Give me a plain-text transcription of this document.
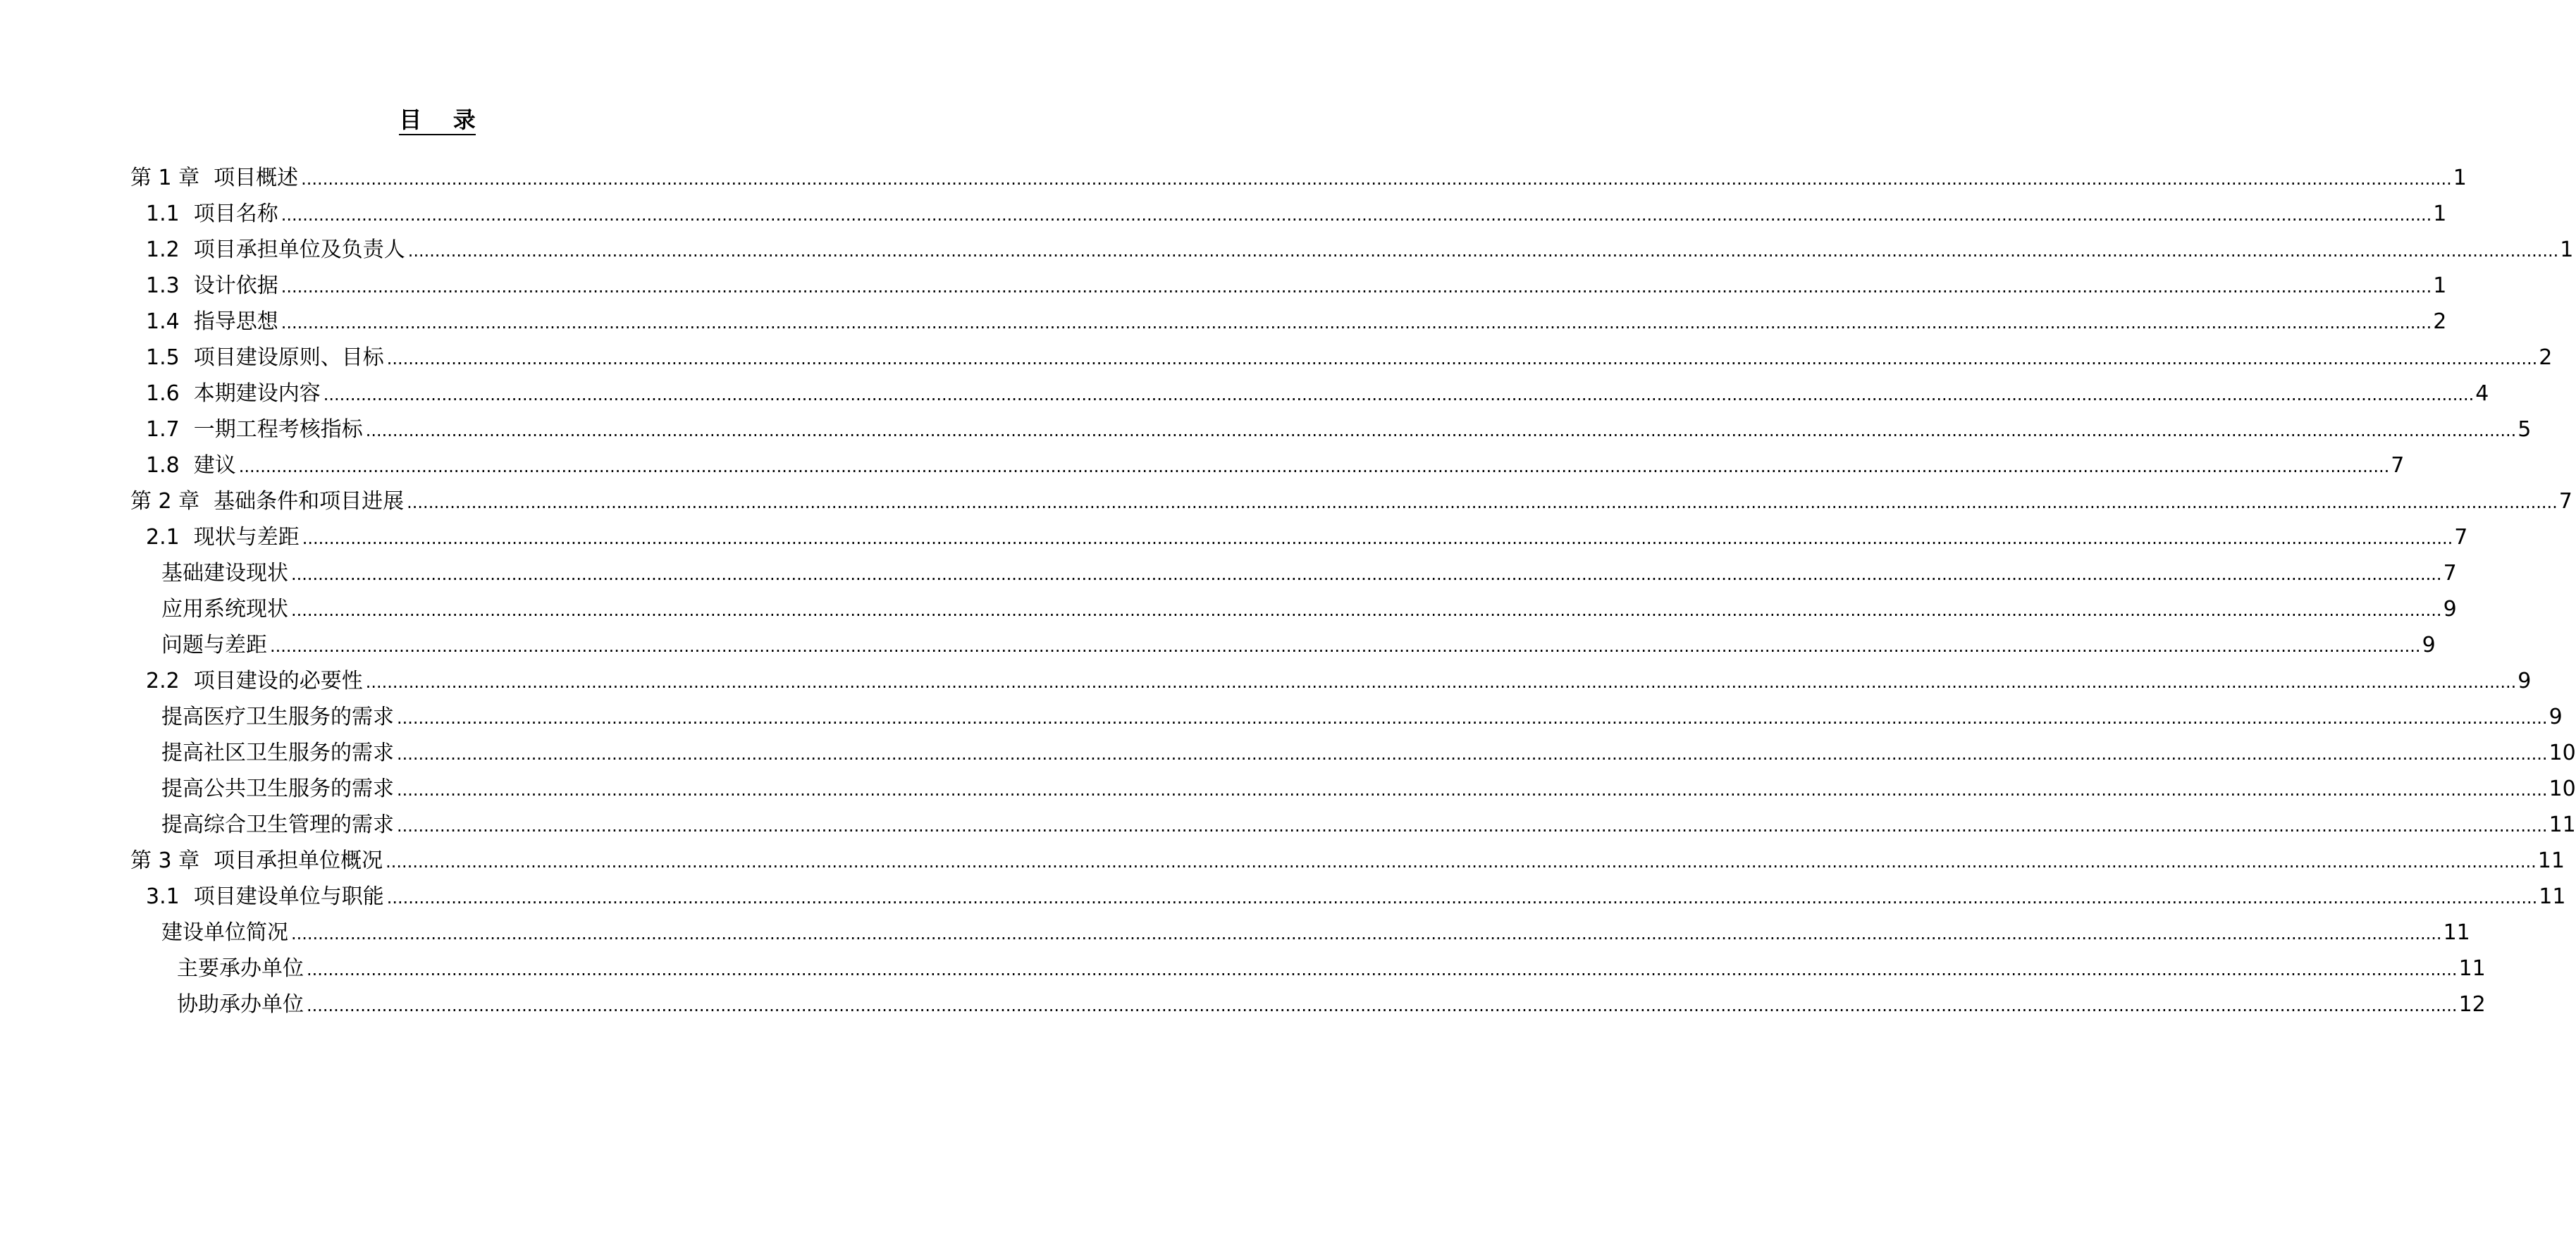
目    录
第 1 章 项目概述 ................................................................................................................................................................................................................................................................................................................................................................................................................ 1
1.1 项目名称 ................................................................................................................................................................................................................................................................................................................................................................................................................ 1
1.2 项目承担单位及负责人 ................................................................................................................................................................................................................................................................................................................................................................................................................ 1
1.3 设计依据 ................................................................................................................................................................................................................................................................................................................................................................................................................ 1
1.4 指导思想 ................................................................................................................................................................................................................................................................................................................................................................................................................ 2
1.5 项目建设原则、目标 ................................................................................................................................................................................................................................................................................................................................................................................................................ 2
1.6 本期建设内容 ................................................................................................................................................................................................................................................................................................................................................................................................................ 4
1.7 一期工程考核指标 ................................................................................................................................................................................................................................................................................................................................................................................................................ 5
1.8 建议 ................................................................................................................................................................................................................................................................................................................................................................................................................ 7
第 2 章 基础条件和项目进展 ................................................................................................................................................................................................................................................................................................................................................................................................................ 7
2.1 现状与差距 ................................................................................................................................................................................................................................................................................................................................................................................................................ 7
基础建设现状 ................................................................................................................................................................................................................................................................................................................................................................................................................ 7
应用系统现状 ................................................................................................................................................................................................................................................................................................................................................................................................................ 9
问题与差距 ................................................................................................................................................................................................................................................................................................................................................................................................................ 9
2.2 项目建设的必要性 ................................................................................................................................................................................................................................................................................................................................................................................................................ 9
提高医疗卫生服务的需求 ................................................................................................................................................................................................................................................................................................................................................................................................................ 9
提高社区卫生服务的需求 ................................................................................................................................................................................................................................................................................................................................................................................................................ 10
提高公共卫生服务的需求 ................................................................................................................................................................................................................................................................................................................................................................................................................ 10
提高综合卫生管理的需求 ................................................................................................................................................................................................................................................................................................................................................................................................................ 11
第 3 章 项目承担单位概况 ................................................................................................................................................................................................................................................................................................................................................................................................................ 11
3.1 项目建设单位与职能 ................................................................................................................................................................................................................................................................................................................................................................................................................ 11
建设单位简况 ................................................................................................................................................................................................................................................................................................................................................................................................................ 11
主要承办单位 ................................................................................................................................................................................................................................................................................................................................................................................................................ 11
协助承办单位 ................................................................................................................................................................................................................................................................................................................................................................................................................ 12
